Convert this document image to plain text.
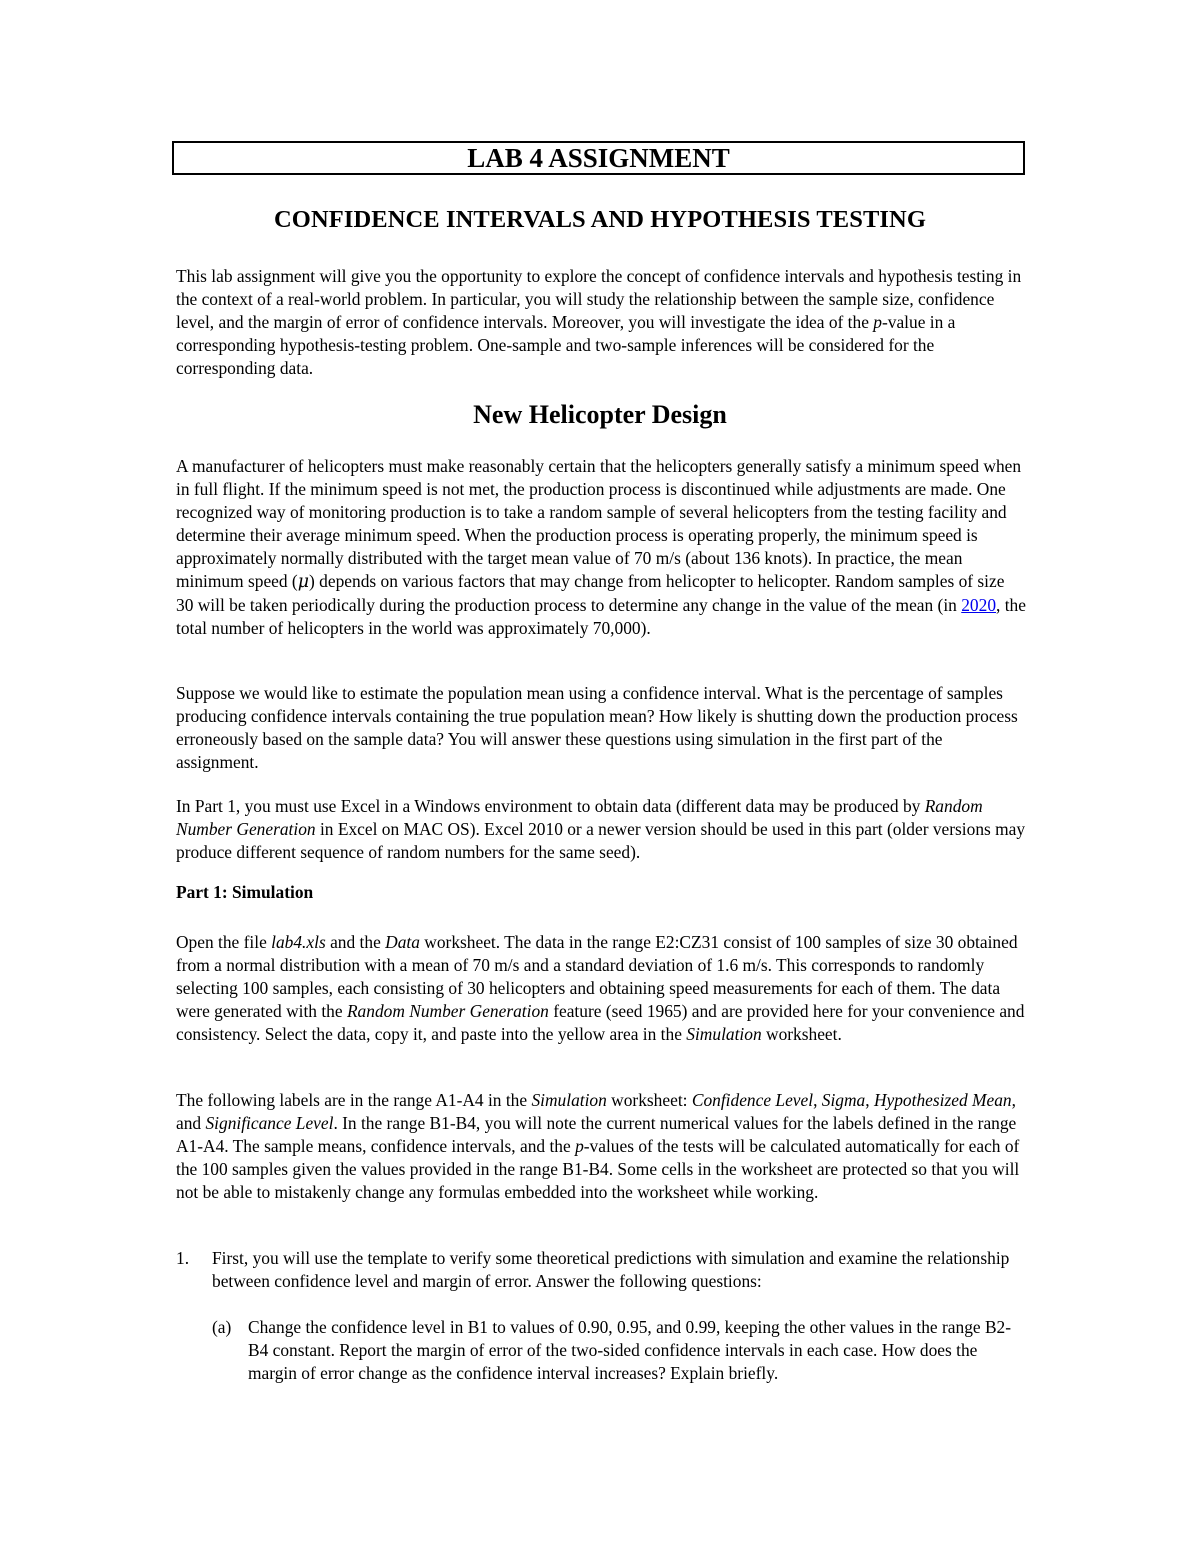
LAB 4 ASSIGNMENT
CONFIDENCE INTERVALS AND HYPOTHESIS TESTING

This lab assignment will give you the opportunity to explore the concept of confidence intervals and hypothesis testing in the context of a real-world problem. In particular, you will study the relationship between the sample size, confidence level, and the margin of error of confidence intervals. Moreover, you will investigate the idea of the p-value in a corresponding hypothesis-testing problem. One-sample and two-sample inferences will be considered for the corresponding data.

New Helicopter Design

A manufacturer of helicopters must make reasonably certain that the helicopters generally satisfy a minimum speed when in full flight. If the minimum speed is not met, the production process is discontinued while adjustments are made. One recognized way of monitoring production is to take a random sample of several helicopters from the testing facility and determine their average minimum speed. When the production process is operating properly, the minimum speed is approximately normally distributed with the target mean value of 70 m/s (about 136 knots). In practice, the mean minimum speed (μ) depends on various factors that may change from helicopter to helicopter. Random samples of size 30 will be taken periodically during the production process to determine any change in the value of the mean (in 2020, the total number of helicopters in the world was approximately 70,000).

Suppose we would like to estimate the population mean using a confidence interval. What is the percentage of samples producing confidence intervals containing the true population mean? How likely is shutting down the production process erroneously based on the sample data? You will answer these questions using simulation in the first part of the assignment.

In Part 1, you must use Excel in a Windows environment to obtain data (different data may be produced by Random Number Generation in Excel on MAC OS). Excel 2010 or a newer version should be used in this part (older versions may produce different sequence of random numbers for the same seed).

Part 1: Simulation

Open the file lab4.xls and the Data worksheet. The data in the range E2:CZ31 consist of 100 samples of size 30 obtained from a normal distribution with a mean of 70 m/s and a standard deviation of 1.6 m/s. This corresponds to randomly selecting 100 samples, each consisting of 30 helicopters and obtaining speed measurements for each of them. The data were generated with the Random Number Generation feature (seed 1965) and are provided here for your convenience and consistency. Select the data, copy it, and paste into the yellow area in the Simulation worksheet.

The following labels are in the range A1-A4 in the Simulation worksheet: Confidence Level, Sigma, Hypothesized Mean, and Significance Level. In the range B1-B4, you will note the current numerical values for the labels defined in the range A1-A4. The sample means, confidence intervals, and the p-values of the tests will be calculated automatically for each of the 100 samples given the values provided in the range B1-B4. Some cells in the worksheet are protected so that you will not be able to mistakenly change any formulas embedded into the worksheet while working.

1. First, you will use the template to verify some theoretical predictions with simulation and examine the relationship between confidence level and margin of error. Answer the following questions:
(a) Change the confidence level in B1 to values of 0.90, 0.95, and 0.99, keeping the other values in the range B2-B4 constant. Report the margin of error of the two-sided confidence intervals in each case. How does the margin of error change as the confidence interval increases? Explain briefly.
